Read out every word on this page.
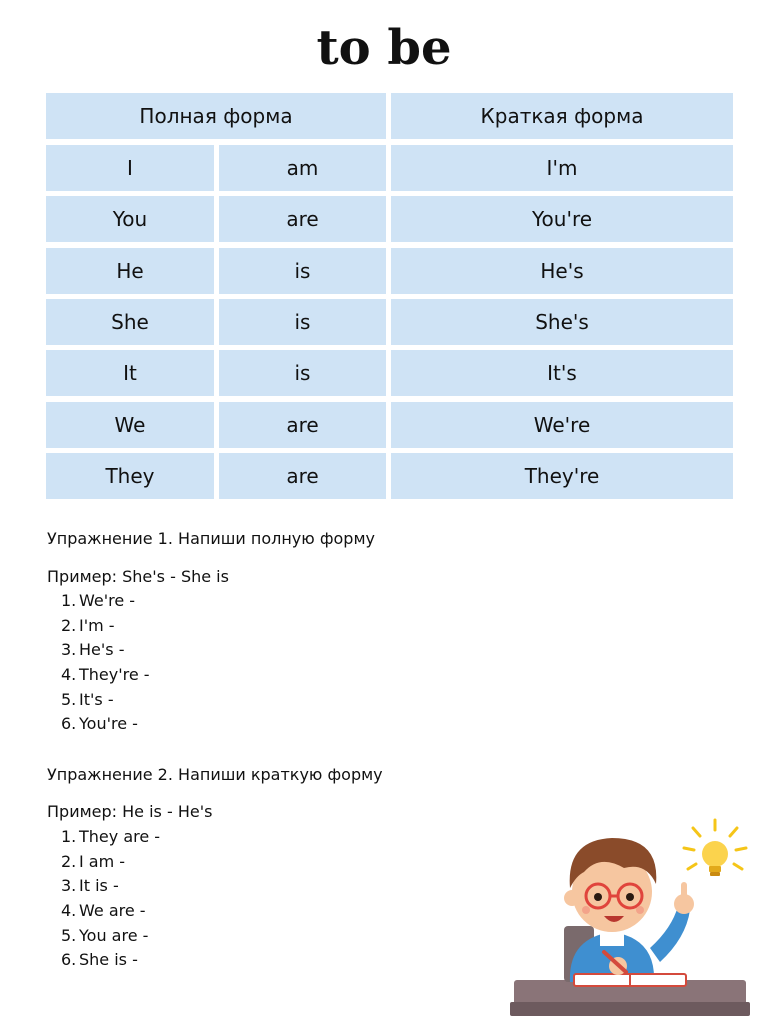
to be
Полная форма	Краткая форма
I	am	I'm
You	are	You're
He	is	He's
She	is	She's
It	is	It's
We	are	We're
They	are	They're
Упражнение 1. Напиши полную форму
Пример: She's - She is
1. We're -
2. I'm -
3. He's -
4. They're -
5. It's -
6. You're -
Упражнение 2. Напиши краткую форму
Пример: He is - He's
1. They are -
2. I am -
3. It is -
4. We are -
5. You are -
6. She is -
